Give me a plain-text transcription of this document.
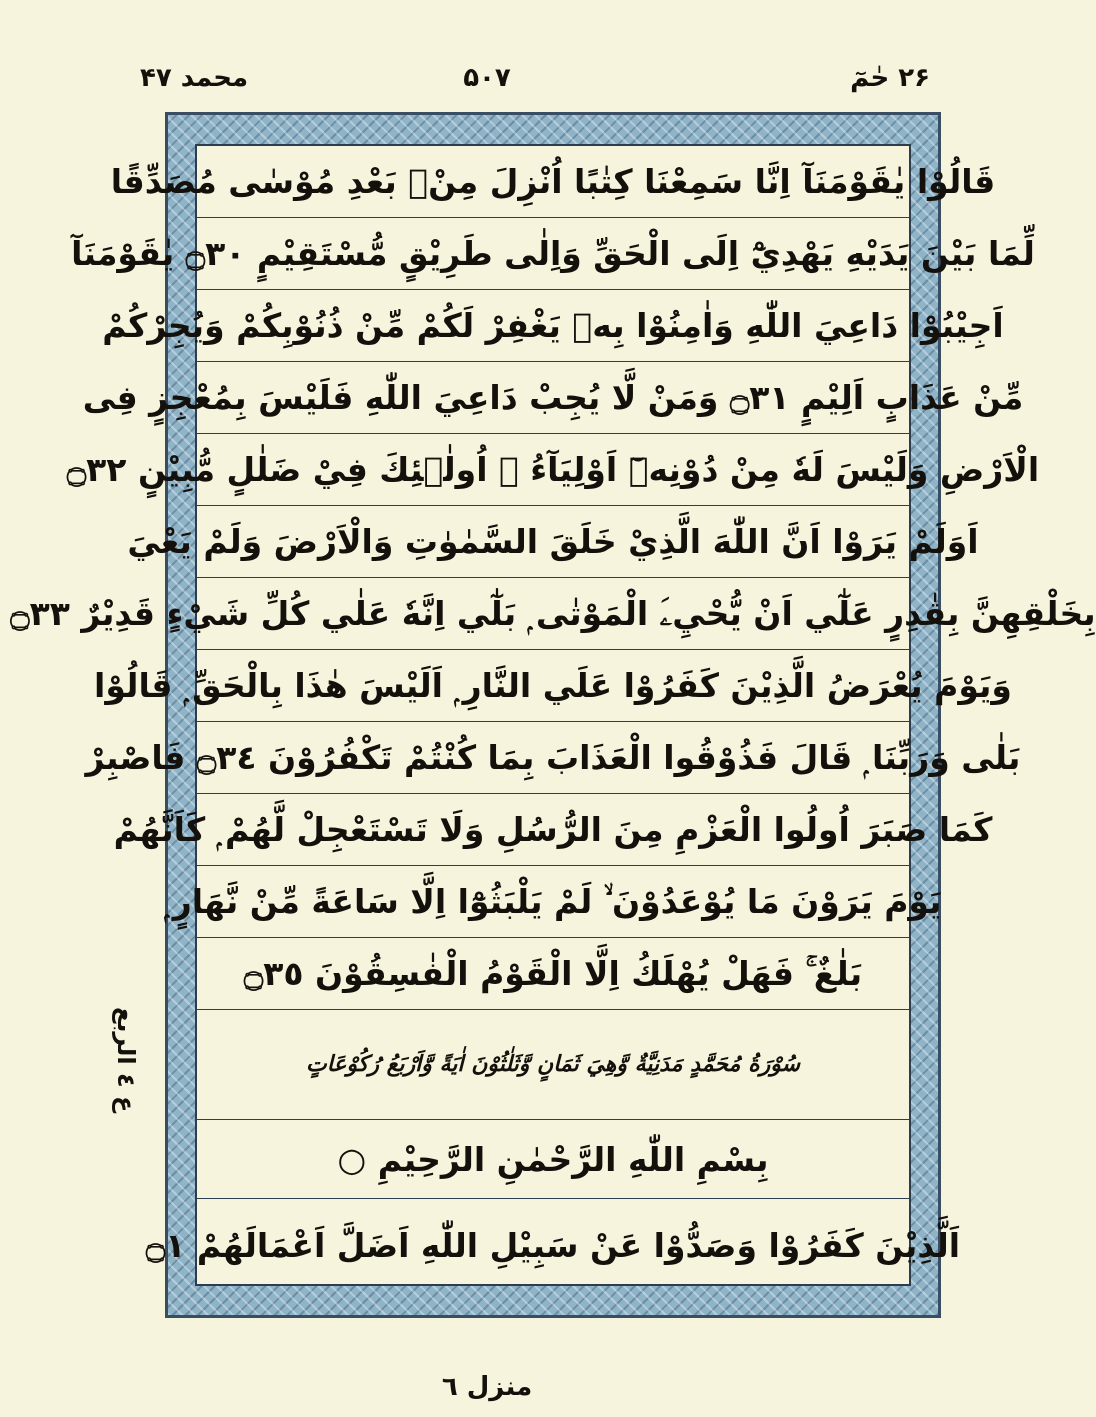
۲۶ حٰمٓ
۵۰۷
محمد ۴۷
قَالُوْا يٰقَوْمَنَآ اِنَّا سَمِعْنَا كِتٰبًا اُنْزِلَ مِنْۢ بَعْدِ مُوْسٰى مُصَدِّقًا
لِّمَا بَيْنَ يَدَيْهِ يَهْدِيْٓ اِلَى الْحَقِّ وَاِلٰى طَرِيْقٍ مُّسْتَقِيْمٍ ۝٣٠ يٰقَوْمَنَآ
اَجِيْبُوْا دَاعِيَ اللّٰهِ وَاٰمِنُوْا بِهٖ يَغْفِرْ لَكُمْ مِّنْ ذُنُوْبِكُمْ وَيُجِرْكُمْ
مِّنْ عَذَابٍ اَلِيْمٍ ۝٣١ وَمَنْ لَّا يُجِبْ دَاعِيَ اللّٰهِ فَلَيْسَ بِمُعْجِزٍ فِى
الْاَرْضِ وَلَيْسَ لَهٗ مِنْ دُوْنِهٖٓ اَوْلِيَآءُ ۭ اُولٰۗئِكَ فِيْ ضَلٰلٍ مُّبِيْنٍ ۝٣٢
اَوَلَمْ يَرَوْا اَنَّ اللّٰهَ الَّذِيْ خَلَقَ السَّمٰوٰتِ وَالْاَرْضَ وَلَمْ يَعْيَ
بِخَلْقِهِنَّ بِقٰدِرٍ عَلٰٓي اَنْ يُّحْيِۦَ الْمَوْتٰى ۭ بَلٰٓي اِنَّهٗ عَلٰي كُلِّ شَيْءٍ قَدِيْرٌ ۝٣٣
وَيَوْمَ يُعْرَضُ الَّذِيْنَ كَفَرُوْا عَلَي النَّارِ ۭ اَلَيْسَ هٰذَا بِالْحَقِّ ۭ قَالُوْا
بَلٰى وَرَبِّنَا ۭ قَالَ فَذُوْقُوا الْعَذَابَ بِمَا كُنْتُمْ تَكْفُرُوْنَ ۝٣٤ فَاصْبِرْ
كَمَا صَبَرَ اُولُوا الْعَزْمِ مِنَ الرُّسُلِ وَلَا تَسْتَعْجِلْ لَّهُمْ ۭ كَاَنَّهُمْ
يَوْمَ يَرَوْنَ مَا يُوْعَدُوْنَ ۙ لَمْ يَلْبَثُوْٓا اِلَّا سَاعَةً مِّنْ نَّهَارٍ ۭ
بَلٰغٌ ۚ فَهَلْ يُهْلَكُ اِلَّا الْقَوْمُ الْفٰسِقُوْنَ ۝٣٥
سُوْرَةُ مُحَمَّدٍ مَدَنِيَّةٌ وَّهِيَ ثَمَانٍ وَّثَلٰثُوْنَ اٰيَةً وَّاَرْبَعُ رُكُوْعَاتٍ
بِسْمِ اللّٰهِ الرَّحْمٰنِ الرَّحِيْمِ ○
اَلَّذِيْنَ كَفَرُوْا وَصَدُّوْا عَنْ سَبِيْلِ اللّٰهِ اَضَلَّ اَعْمَالَهُمْ ۝١
ع ٤ الربع
منزل ٦
